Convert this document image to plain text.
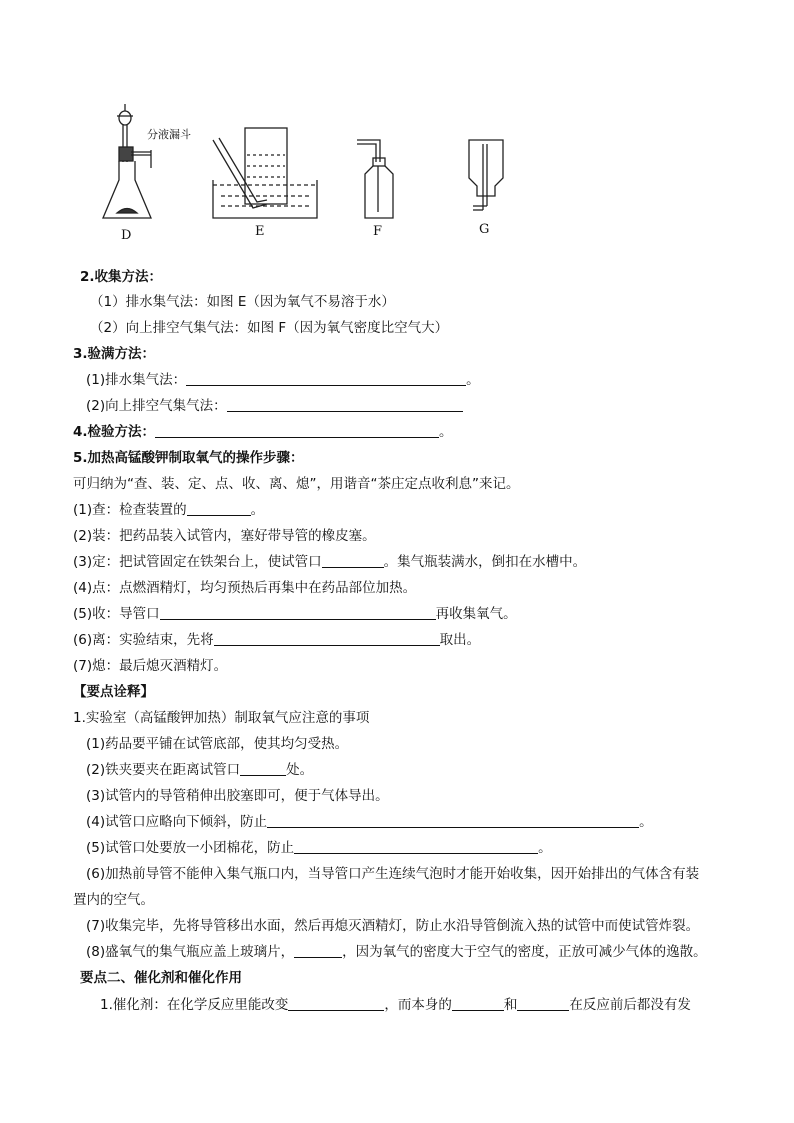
分液漏斗
D	E	F	G
2.收集方法：
（1）排水集气法：如图 E（因为氧气不易溶于水）
（2）向上排空气集气法：如图 F（因为氧气密度比空气大）
3.验满方法：
(1)排水集气法：	。
(2)向上排空气集气法：
4.检验方法：	。
5.加热高锰酸钾制取氧气的操作步骤：
可归纳为“查、装、定、点、收、离、熄”，用谐音“茶庄定点收利息”来记。
(1)查：检查装置的	。
(2)装：把药品装入试管内，塞好带导管的橡皮塞。
(3)定：把试管固定在铁架台上，使试管口	。集气瓶装满水，倒扣在水槽中。
(4)点：点燃酒精灯，均匀预热后再集中在药品部位加热。
(5)收：导管口	再收集氧气。
(6)离：实验结束，先将	取出。
(7)熄：最后熄灭酒精灯。
【要点诠释】
1.实验室（高锰酸钾加热）制取氧气应注意的事项
(1)药品要平铺在试管底部，使其均匀受热。
(2)铁夹要夹在距离试管口	处。
(3)试管内的导管稍伸出胶塞即可，便于气体导出。
(4)试管口应略向下倾斜，防止	。
(5)试管口处要放一小团棉花，防止	。
(6)加热前导管不能伸入集气瓶口内，当导管口产生连续气泡时才能开始收集，因开始排出的气体含有装
置内的空气。
(7)收集完毕，先将导管移出水面，然后再熄灭酒精灯，防止水沿导管倒流入热的试管中而使试管炸裂。
(8)盛氧气的集气瓶应盖上玻璃片，	，因为氧气的密度大于空气的密度，正放可减少气体的逸散。
要点二、催化剂和催化作用
1.催化剂：在化学反应里能改变	，而本身的	和	在反应前后都没有发
